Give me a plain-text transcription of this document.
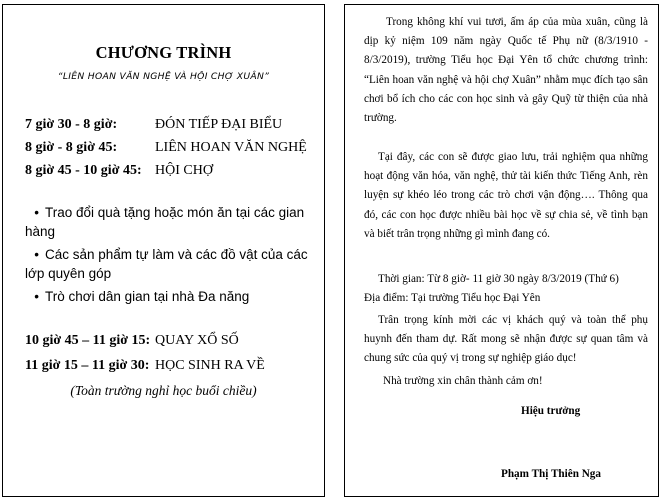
CHƯƠNG TRÌNH
“LIÊN HOAN VĂN NGHỆ VÀ HỘI CHỢ XUÂN”
7 giờ 30 - 8 giờ:	ĐÓN TIẾP ĐẠI BIỂU
8 giờ - 8 giờ 45:	LIÊN HOAN VĂN NGHỆ
8 giờ 45 - 10 giờ 45: HỘI CHỢ
• Trao đổi quà tặng hoặc món ăn tại các gian hàng
• Các sản phẩm tự làm và các đồ vật của các lớp quyên góp
• Trò chơi dân gian tại nhà Đa năng
10 giờ 45 – 11 giờ 15: QUAY XỔ SỐ
11 giờ 15 – 11 giờ 30: HỌC SINH RA VỀ
(Toàn trường nghỉ học buổi chiều)
Trong không khí vui tươi, ấm áp của mùa xuân, cũng là dịp kỷ niệm 109 năm ngày Quốc tế Phụ nữ (8/3/1910 - 8/3/2019), trường Tiểu học Đại Yên tổ chức chương trình: “Liên hoan văn nghệ và hội chợ Xuân” nhằm mục đích tạo sân chơi bổ ích cho các con học sinh và gây Quỹ từ thiện của nhà trường.
Tại đây, các con sẽ được giao lưu, trải nghiệm qua những hoạt động văn hóa, văn nghệ, thử tài kiến thức Tiếng Anh, rèn luyện sự khéo léo trong các trò chơi vận động…. Thông qua đó, các con học được nhiều bài học về sự chia sẻ, về tình bạn và biết trân trọng những gì mình đang có.
Thời gian: Từ 8 giờ- 11 giờ 30 ngày 8/3/2019 (Thứ 6)
Địa điểm: Tại trường Tiểu học Đại Yên
Trân trọng kính mời các vị khách quý và toàn thể phụ huynh đến tham dự. Rất mong sẽ nhận được sự quan tâm và chung sức của quý vị trong sự nghiệp giáo dục!
Nhà trường xin chân thành cảm ơn!
Hiệu trưởng
Phạm Thị Thiên Nga
